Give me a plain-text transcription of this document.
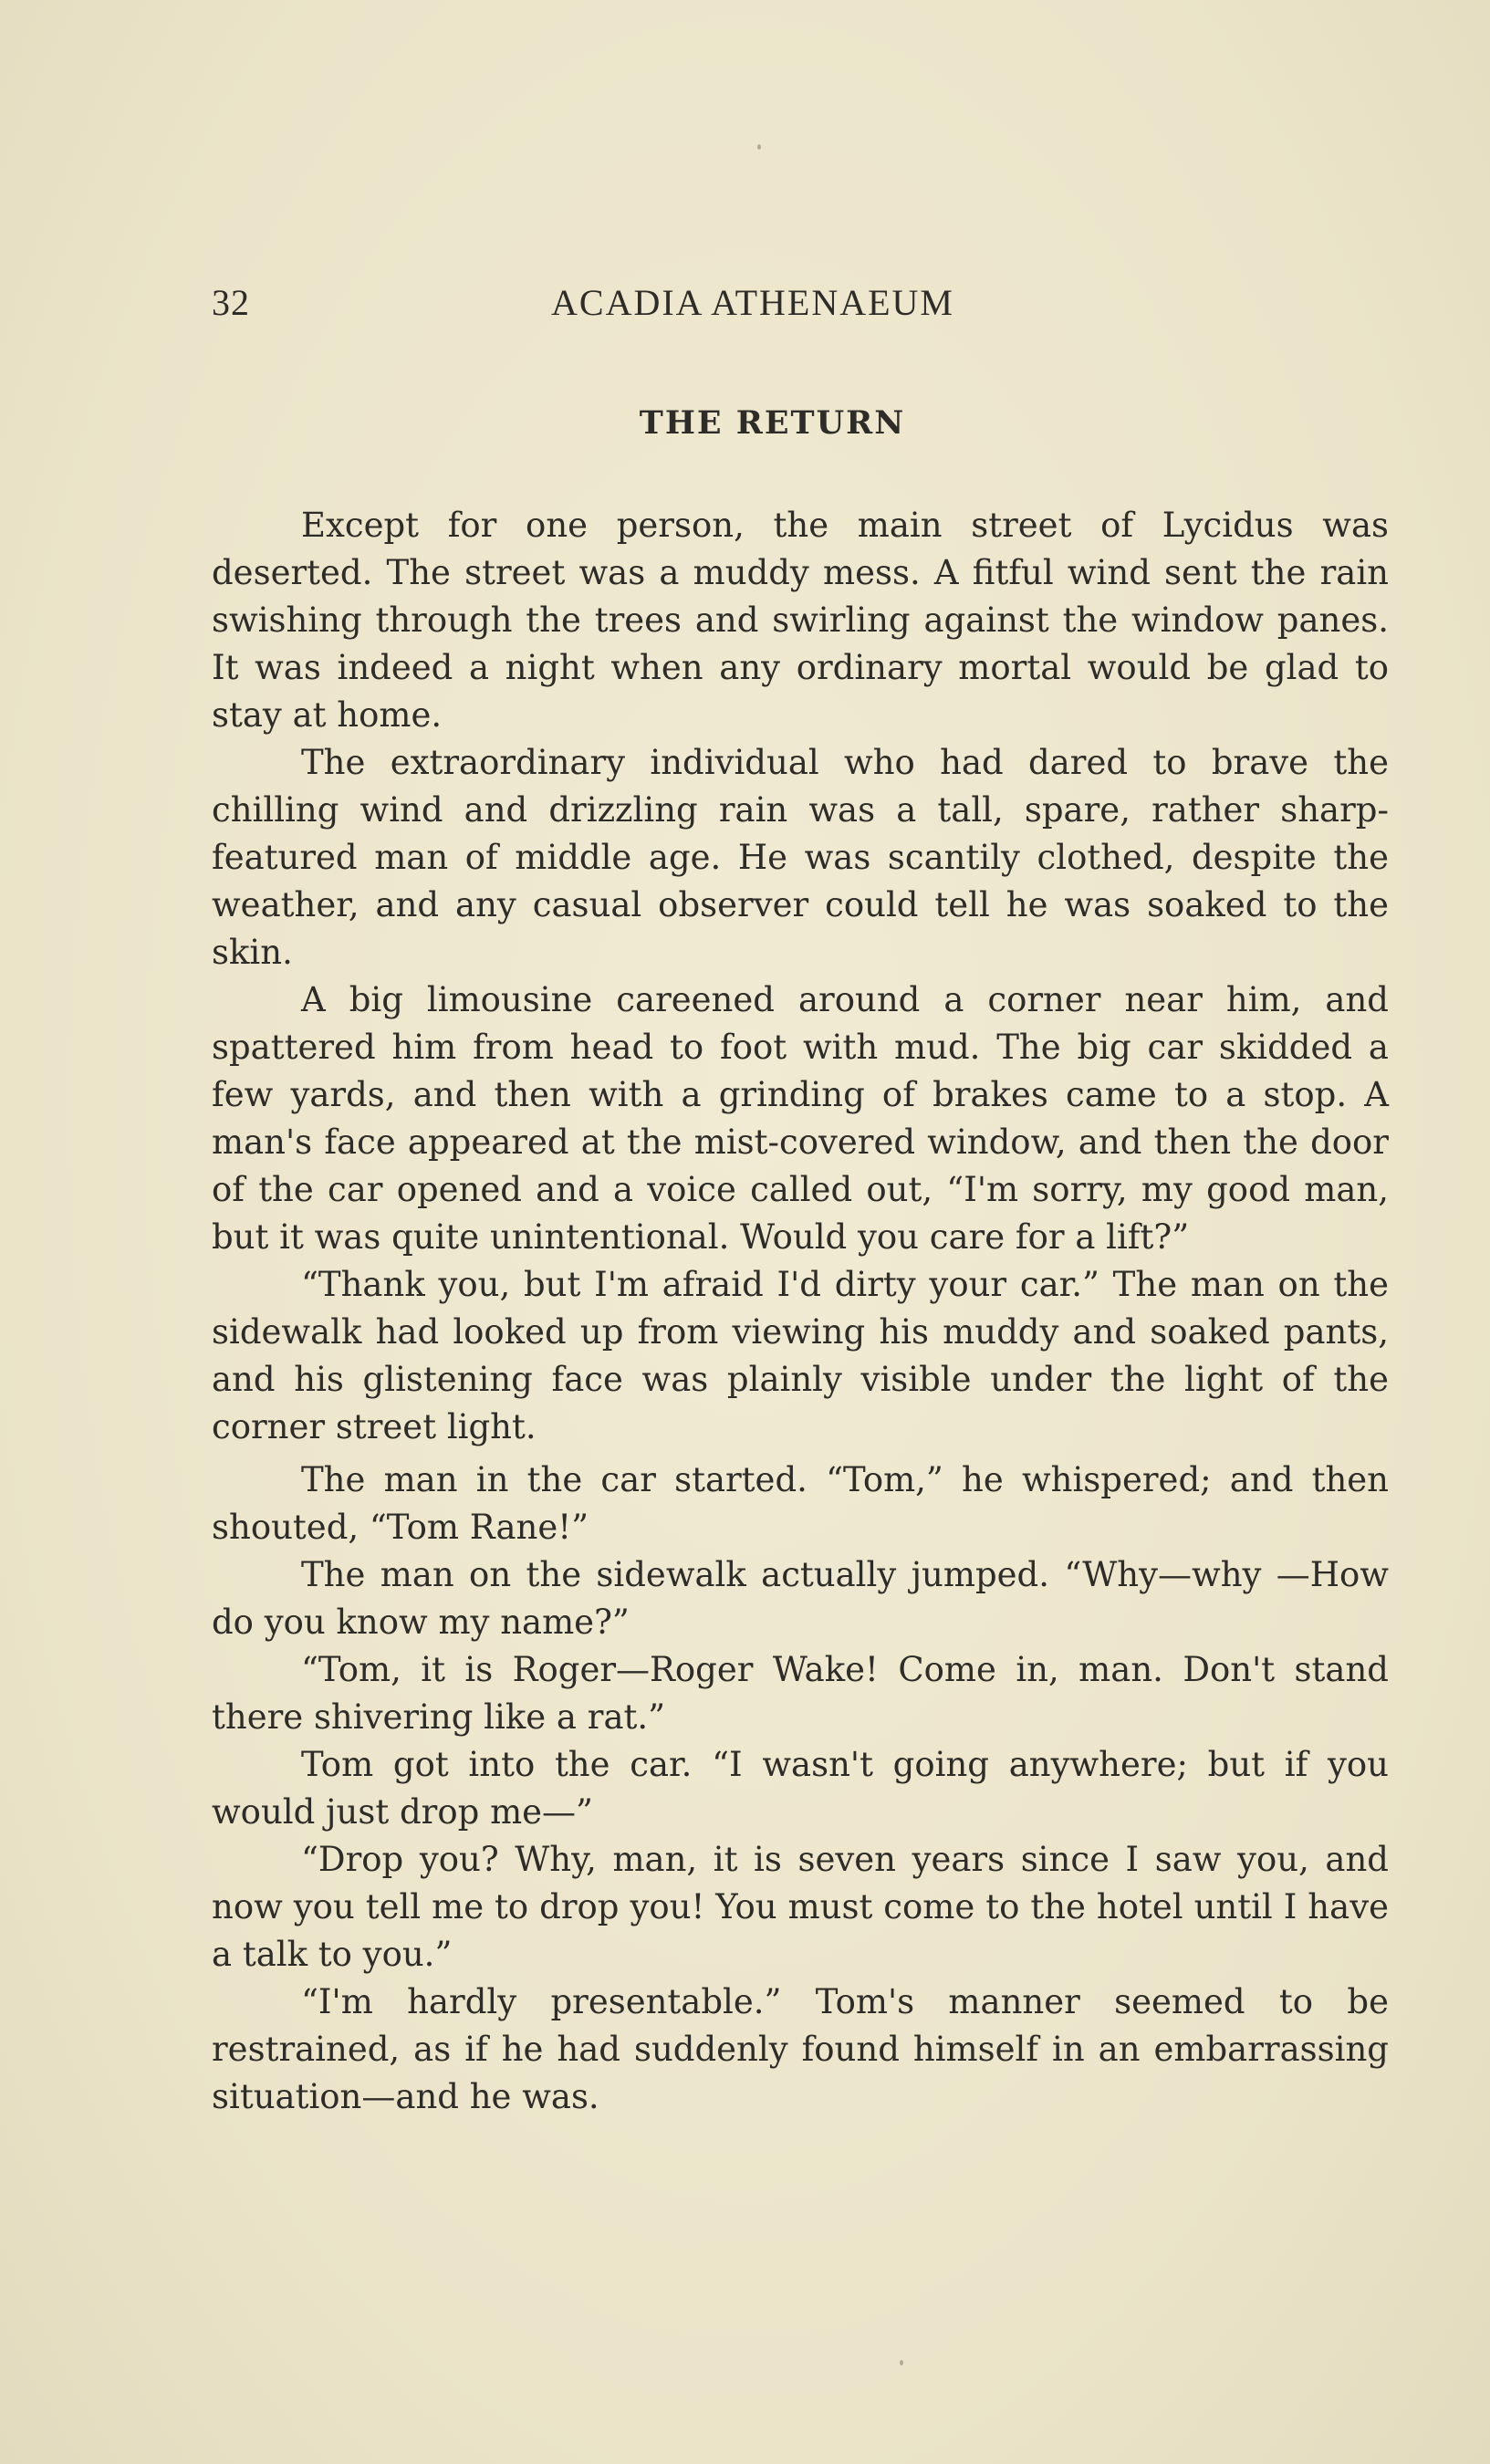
32	ACADIA ATHENAEUM
THE RETURN

Except for one person, the main street of Lycidus was deserted. The street was a muddy mess. A fitful wind sent the rain swishing through the trees and swirling against the window panes. It was indeed a night when any ordinary mortal would be glad to stay at home.

The extraordinary individual who had dared to brave the chilling wind and drizzling rain was a tall, spare, rather sharp-featured man of middle age. He was scantily clothed, despite the weather, and any casual observer could tell he was soaked to the skin.

A big limousine careened around a corner near him, and spattered him from head to foot with mud. The big car skidded a few yards, and then with a grinding of brakes came to a stop. A man's face appeared at the mist-covered window, and then the door of the car opened and a voice called out, “I'm sorry, my good man, but it was quite unintentional. Would you care for a lift?”

“Thank you, but I'm afraid I'd dirty your car.” The man on the sidewalk had looked up from viewing his muddy and soaked pants, and his glistening face was plainly visible under the light of the corner street light.

The man in the car started. “Tom,” he whispered; and then shouted, “Tom Rane!”

The man on the sidewalk actually jumped. “Why—why —How do you know my name?”

“Tom, it is Roger—Roger Wake! Come in, man. Don't stand there shivering like a rat.”

Tom got into the car. “I wasn't going anywhere; but if you would just drop me—”

“Drop you? Why, man, it is seven years since I saw you, and now you tell me to drop you! You must come to the hotel until I have a talk to you.”

“I'm hardly presentable.” Tom's manner seemed to be restrained, as if he had suddenly found himself in an embarrassing situation—and he was.
